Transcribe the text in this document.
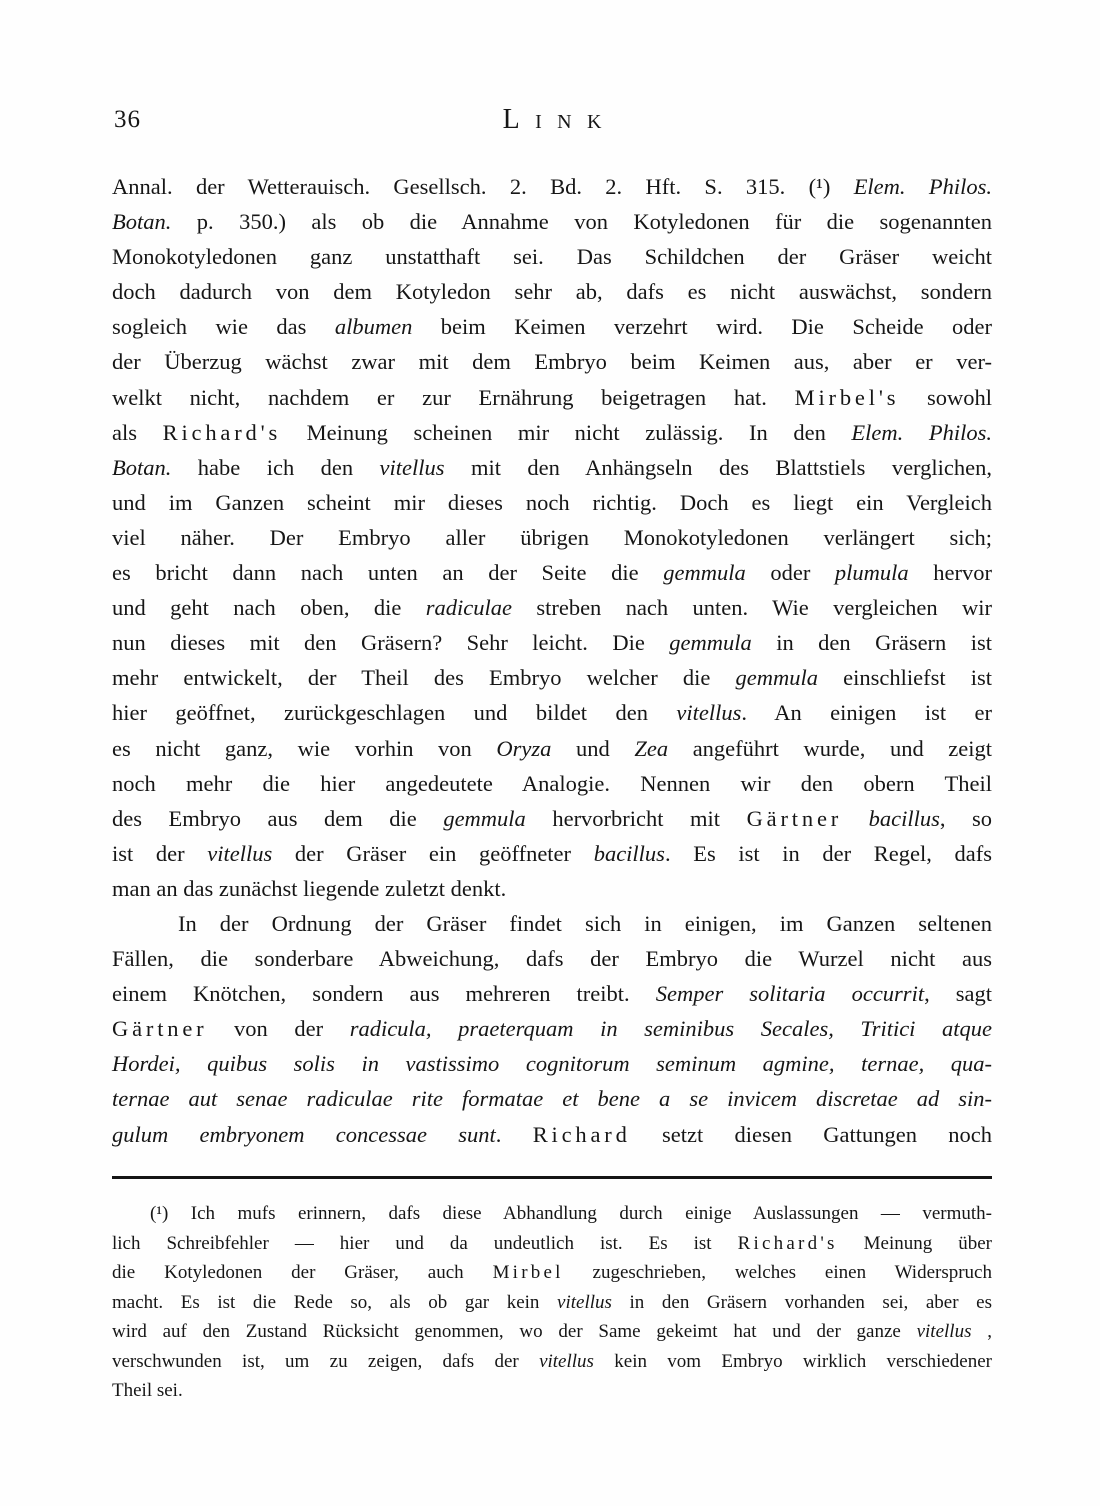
36	Link
Annal. der Wetterauisch. Gesellsch. 2. Bd. 2. Hft. S. 315. (¹) Elem. Philos.
Botan. p. 350.) als ob die Annahme von Kotyledonen für die sogenannten
Monokotyledonen ganz unstatthaft sei. Das Schildchen der Gräser weicht
doch dadurch von dem Kotyledon sehr ab, dafs es nicht auswächst, sondern
sogleich wie das albumen beim Keimen verzehrt wird. Die Scheide oder
der Überzug wächst zwar mit dem Embryo beim Keimen aus, aber er ver-
welkt nicht, nachdem er zur Ernährung beigetragen hat. Mirbel's sowohl
als Richard's Meinung scheinen mir nicht zulässig. In den Elem. Philos.
Botan. habe ich den vitellus mit den Anhängseln des Blattstiels verglichen,
und im Ganzen scheint mir dieses noch richtig. Doch es liegt ein Vergleich
viel näher. Der Embryo aller übrigen Monokotyledonen verlängert sich;
es bricht dann nach unten an der Seite die gemmula oder plumula hervor
und geht nach oben, die radiculae streben nach unten. Wie vergleichen wir
nun dieses mit den Gräsern? Sehr leicht. Die gemmula in den Gräsern ist
mehr entwickelt, der Theil des Embryo welcher die gemmula einschliefst ist
hier geöffnet, zurückgeschlagen und bildet den vitellus. An einigen ist er
es nicht ganz, wie vorhin von Oryza und Zea angeführt wurde, und zeigt
noch mehr die hier angedeutete Analogie. Nennen wir den obern Theil
des Embryo aus dem die gemmula hervorbricht mit Gärtner bacillus, so
ist der vitellus der Gräser ein geöffneter bacillus. Es ist in der Regel, dafs
man an das zunächst liegende zuletzt denkt.
In der Ordnung der Gräser findet sich in einigen, im Ganzen seltenen
Fällen, die sonderbare Abweichung, dafs der Embryo die Wurzel nicht aus
einem Knötchen, sondern aus mehreren treibt. Semper solitaria occurrit, sagt
Gärtner von der radicula, praeterquam in seminibus Secales, Tritici atque
Hordei, quibus solis in vastissimo cognitorum seminum agmine, ternae, qua-
ternae aut senae radiculae rite formatae et bene a se invicem discretae ad sin-
gulum embryonem concessae sunt. Richard setzt diesen Gattungen noch
(¹) Ich mufs erinnern, dafs diese Abhandlung durch einige Auslassungen — vermuth-
lich Schreibfehler — hier und da undeutlich ist. Es ist Richard's Meinung über
die Kotyledonen der Gräser, auch Mirbel zugeschrieben, welches einen Widerspruch
macht. Es ist die Rede so, als ob gar kein vitellus in den Gräsern vorhanden sei, aber es
wird auf den Zustand Rücksicht genommen, wo der Same gekeimt hat und der ganze vitellus ,
verschwunden ist, um zu zeigen, dafs der vitellus kein vom Embryo wirklich verschiedener
Theil sei.
